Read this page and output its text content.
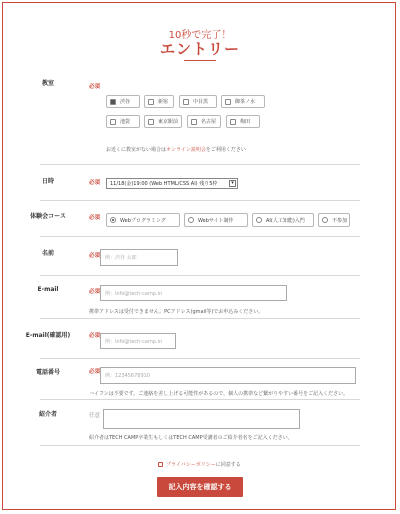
10秒で完了！
エントリー
教室	必須
渋谷	新宿	中目黒	御茶ノ水
池袋	東京駅前	名古屋	梅田
お近くに教室がない場合はオンライン説明会をご利用ください
日時	必須 11/18(金)19:00 (Web HTML/CSS AI) 残り5枠	▾
体験会コース	必須	Webプログラミング	Webサイト制作	AI(人工知能)入門	不参加
名前	必須 例：渋谷 太郎
E-mail	必須 例：info@tech-camp.in
携帯アドレスは受付できません。PCアドレス(gmail等)でお申込みください。
E-mail(確認用)	必須
例：info@tech-camp.in
電話番号	必須
例：12345678910
ハイフンは不要です。ご連絡を差し上げる可能性があるので、個人の携帯など繋がりやすい番号をご記入ください。
紹介者	任意
紹介者はTECH CAMP卒業生もしくはTECH CAMP受講者のご紹介者名をご記入ください。
プライバシーポリシー に同意する
記入内容を確認する
